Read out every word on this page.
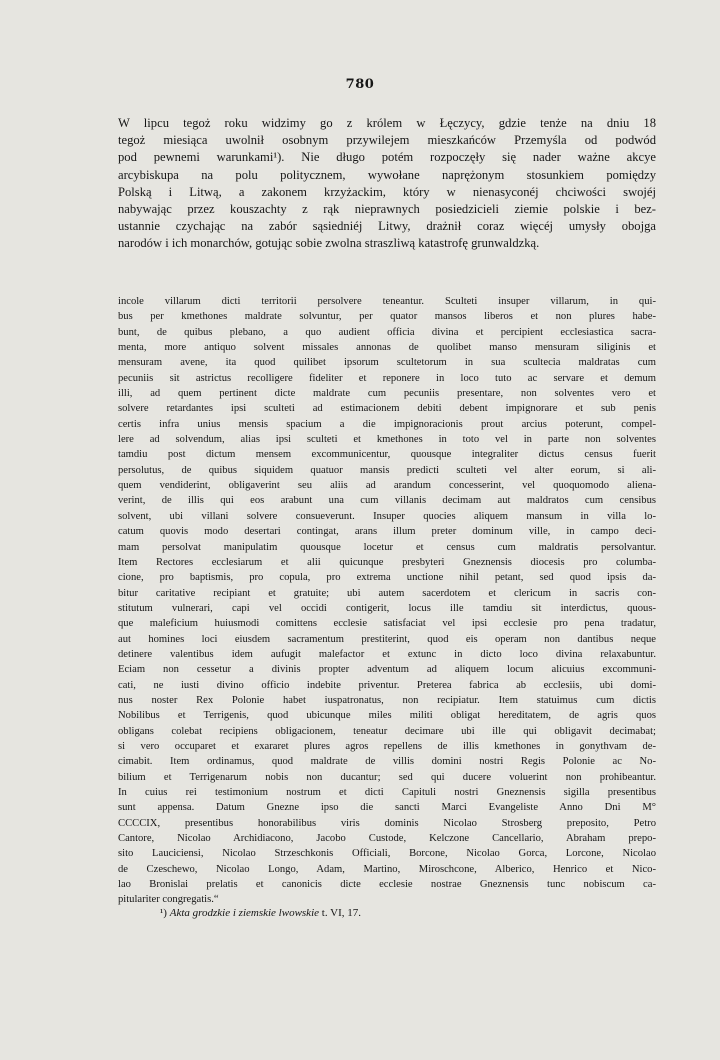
780
W lipcu tegoż roku widzimy go z królem w Łęczycy, gdzie tenże na dniu 18
tegoż miesiąca uwolnił osobnym przywilejem mieszkańców Przemyśla od podwód
pod pewnemi warunkami¹). Nie długo potém rozpoczęły się nader ważne akcye
arcybiskupa na polu politycznem, wywołane naprężonym stosunkiem pomiędzy
Polską i Litwą, a zakonem krzyżackim, który w nienasyconéj chciwości swojéj
nabywając przez kouszachty z rąk nieprawnych posiedzicieli ziemie polskie i bez-
ustannie czychając na zabór sąsiedniéj Litwy, drażnił coraz więcéj umysły obojga
narodów i ich monarchów, gotując sobie zwolna straszliwą katastrofę grunwaldzką.
incole villarum dicti territorii persolvere teneantur. Sculteti insuper villarum, in qui-
bus per kmethones maldrate solvuntur, per quator mansos liberos et non plures habe-
bunt, de quibus plebano, a quo audient officia divina et percipient ecclesiastica sacra-
menta, more antiquo solvent missales annonas de quolibet manso mensuram siliginis et
mensuram avene, ita quod quilibet ipsorum scultetorum in sua scultecia maldratas cum
pecuniis sit astrictus recolligere fideliter et reponere in loco tuto ac servare et demum
illi, ad quem pertinent dicte maldrate cum pecuniis presentare, non solventes vero et
solvere retardantes ipsi sculteti ad estimacionem debiti debent impignorare et sub penis
certis infra unius mensis spacium a die impignoracionis prout arcius poterunt, compel-
lere ad solvendum, alias ipsi sculteti et kmethones in toto vel in parte non solventes
tamdiu post dictum mensem excommunicentur, quousque integraliter dictus census fuerit
persolutus, de quibus siquidem quatuor mansis predicti sculteti vel alter eorum, si ali-
quem vendiderint, obligaverint seu aliis ad arandum concesserint, vel quoquomodo aliena-
verint, de illis qui eos arabunt una cum villanis decimam aut maldratos cum censibus
solvent, ubi villani solvere consueverunt. Insuper quocies aliquem mansum in villa lo-
catum quovis modo desertari contingat, arans illum preter dominum ville, in campo deci-
mam persolvat manipulatim quousque locetur et census cum maldratis persolvantur.
Item Rectores ecclesiarum et alii quicunque presbyteri Gneznensis diocesis pro columba-
cione, pro baptismis, pro copula, pro extrema unctione nihil petant, sed quod ipsis da-
bitur caritative recipiant et gratuite; ubi autem sacerdotem et clericum in sacris con-
stitutum vulnerari, capi vel occidi contigerit, locus ille tamdiu sit interdictus, quous-
que maleficium huiusmodi comittens ecclesie satisfaciat vel ipsi ecclesie pro pena tradatur,
aut homines loci eiusdem sacramentum prestiterint, quod eis operam non dantibus neque
detinere valentibus idem aufugit malefactor et extunc in dicto loco divina relaxabuntur.
Eciam non cessetur a divinis propter adventum ad aliquem locum alicuius excommuni-
cati, ne iusti divino officio indebite priventur. Preterea fabrica ab ecclesiis, ubi domi-
nus noster Rex Polonie habet iuspatronatus, non recipiatur. Item statuimus cum dictis
Nobilibus et Terrigenis, quod ubicunque miles militi obligat hereditatem, de agris quos
obligans colebat recipiens obligacionem, teneatur decimare ubi ille qui obligavit decimabat;
si vero occuparet et exararet plures agros repellens de illis kmethones in gonythvam de-
cimabit. Item ordinamus, quod maldrate de villis domini nostri Regis Polonie ac No-
bilium et Terrigenarum nobis non ducantur; sed qui ducere voluerint non prohibeantur.
In cuius rei testimonium nostrum et dicti Capituli nostri Gneznensis sigilla presentibus
sunt appensa. Datum Gnezne ipso die sancti Marci Evangeliste Anno Dni M°
CCCCIX, presentibus honorabilibus viris dominis Nicolao Strosberg preposito, Petro
Cantore, Nicolao Archidiacono, Jacobo Custode, Kelczone Cancellario, Abraham prepo-
sito Lauciciensi, Nicolao Strzeschkonis Officiali, Borcone, Nicolao Gorca, Lorcone, Nicolao
de Czeschewo, Nicolao Longo, Adam, Martino, Miroschcone, Alberico, Henrico et Nico-
lao Bronislai prelatis et canonicis dicte ecclesie nostrae Gneznensis tunc nobiscum ca-
pitulariter congregatis.“
¹) Akta grodzkie i ziemskie lwowskie t. VI, 17.
